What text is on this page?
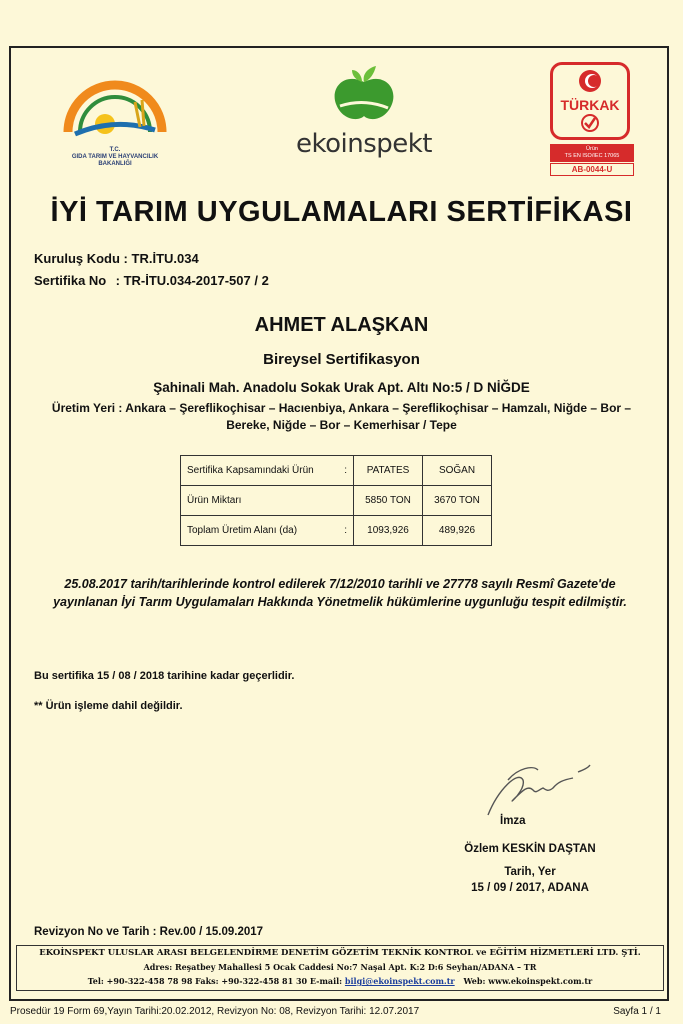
T.C.
GIDA TARIM VE HAYVANCILIK
BAKANLIĞI
ekoinspekt
TÜRKAK
Ürün
TS EN ISO/IEC 17065
AB-0044-U
İYİ TARIM UYGULAMALARI SERTİFİKASI
Kuruluş Kodu : TR.İTU.034
Sertifika No : TR-İTU.034-2017-507 / 2
AHMET ALAŞKAN
Bireysel Sertifikasyon
Şahinali Mah. Anadolu Sokak Urak Apt. Altı No:5 / D NİĞDE
Üretim Yeri : Ankara – Şereflikoçhisar – Hacıenbiya, Ankara – Şereflikoçhisar – Hamzalı, Niğde – Bor –
Bereke, Niğde – Bor – Kemerhisar / Tepe
Sertifika Kapsamındaki Ürün :	PATATES	SOĞAN
Ürün Miktarı	5850 TON	3670 TON
Toplam Üretim Alanı (da) :	1093,926	489,926
25.08.2017 tarih/tarihlerinde kontrol edilerek 7/12/2010 tarihli ve 27778 sayılı Resmî Gazete'de yayınlanan İyi Tarım Uygulamaları Hakkında Yönetmelik hükümlerine uygunluğu tespit edilmiştir.
Bu sertifika 15 / 08 / 2018 tarihine kadar geçerlidir.
** Ürün işleme dahil değildir.
İmza
Özlem KESKİN DAŞTAN
Tarih, Yer
15 / 09 / 2017, ADANA
Revizyon No ve Tarih : Rev.00 / 15.09.2017
EKOİNSPEKT ULUSLAR ARASI BELGELENDİRME DENETİM GÖZETİM TEKNİK KONTROL ve EĞİTİM HİZMETLERİ LTD. ŞTİ.
Adres: Reşatbey Mahallesi 5 Ocak Caddesi No:7 Naşal Apt. K:2 D:6 Seyhan/ADANA – TR
Tel: +90-322-458 78 98 Faks: +90-322-458 81 30 E-mail: bilgi@ekoinspekt.com.tr Web: www.ekoinspekt.com.tr
Prosedür 19 Form 69,Yayın Tarihi:20.02.2012, Revizyon No: 08, Revizyon Tarihi: 12.07.2017	Sayfa 1 / 1
